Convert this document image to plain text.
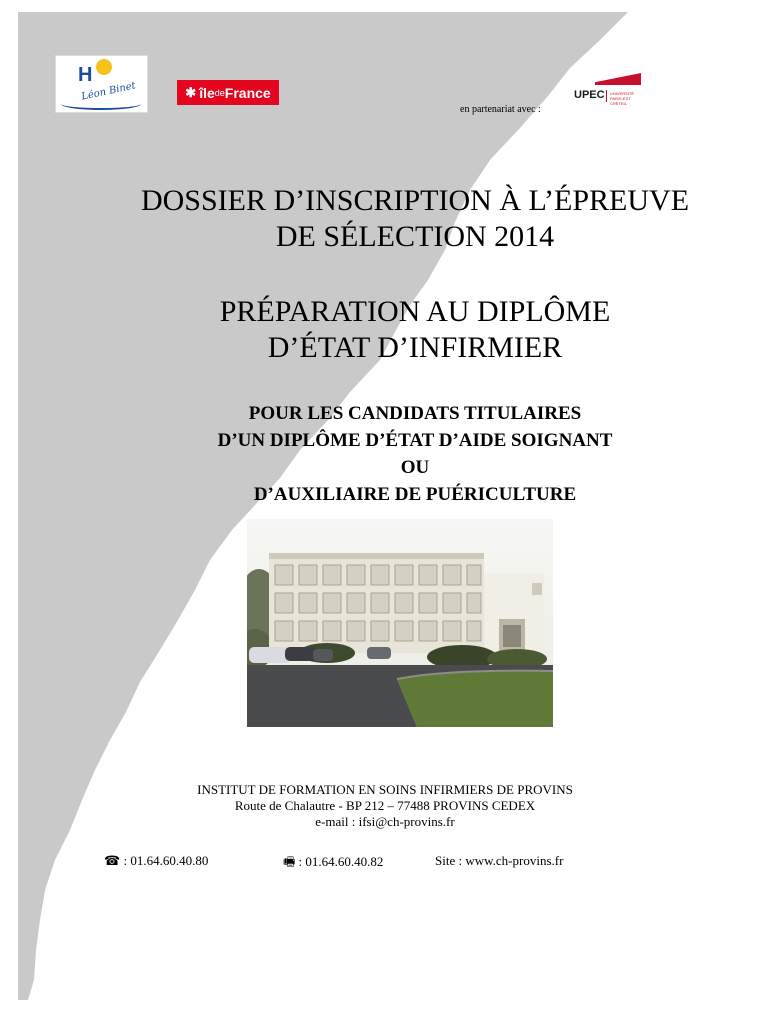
H
Léon Binet	✱ île de France	UPEC UNIVERSITÉ PARIS-EST CRÉTEIL
en partenariat avec :
DOSSIER D’INSCRIPTION À L’ÉPREUVE
DE SÉLECTION 2014
PRÉPARATION AU DIPLÔME
D’ÉTAT D’INFIRMIER
POUR LES CANDIDATS TITULAIRES
D’UN DIPLÔME D’ÉTAT D’AIDE SOIGNANT
OU
D’AUXILIAIRE DE PUÉRICULTURE
INSTITUT DE FORMATION EN SOINS INFIRMIERS DE PROVINS
Route de Chalautre - BP 212 – 77488 PROVINS CEDEX
e-mail : ifsi@ch-provins.fr
☎ : 01.64.60.40.80	🖷 : 01.64.60.40.82	Site : www.ch-provins.fr
